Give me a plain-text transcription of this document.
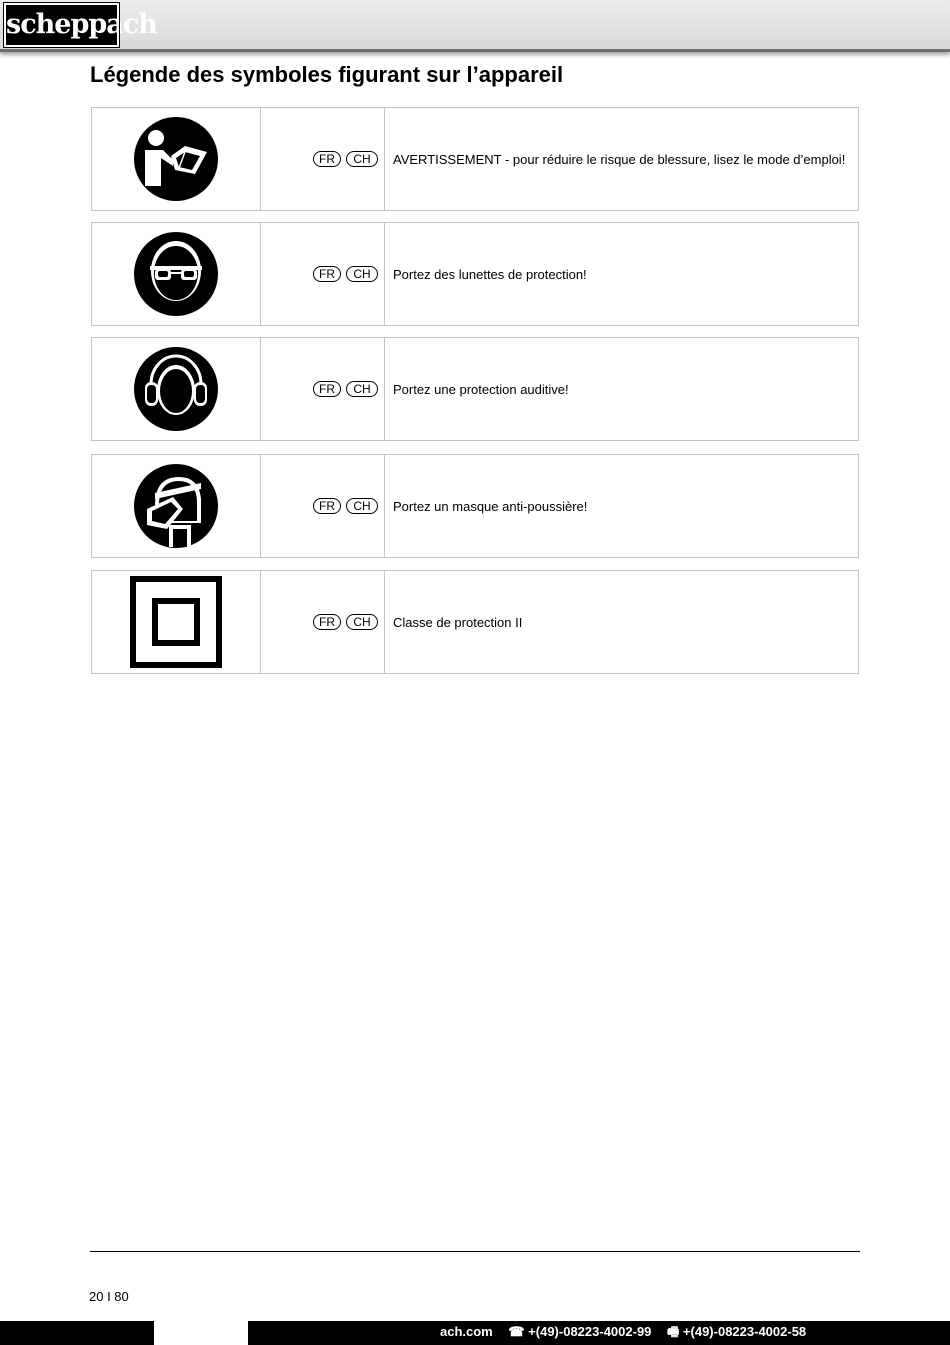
scheppach
Légende des symboles figurant sur l’appareil
FR	CH	AVERTISSEMENT - pour réduire le risque de blessure, lisez le mode d’emploi!
FR	CH	Portez des lunettes de protection!
FR	CH	Portez une protection auditive!
FR	CH	Portez un masque anti-poussière!
FR	CH	Classe de protection II
20 I 80
ach.com ☎ +(49)-08223-4002-99 🖷 +(49)-08223-4002-58
